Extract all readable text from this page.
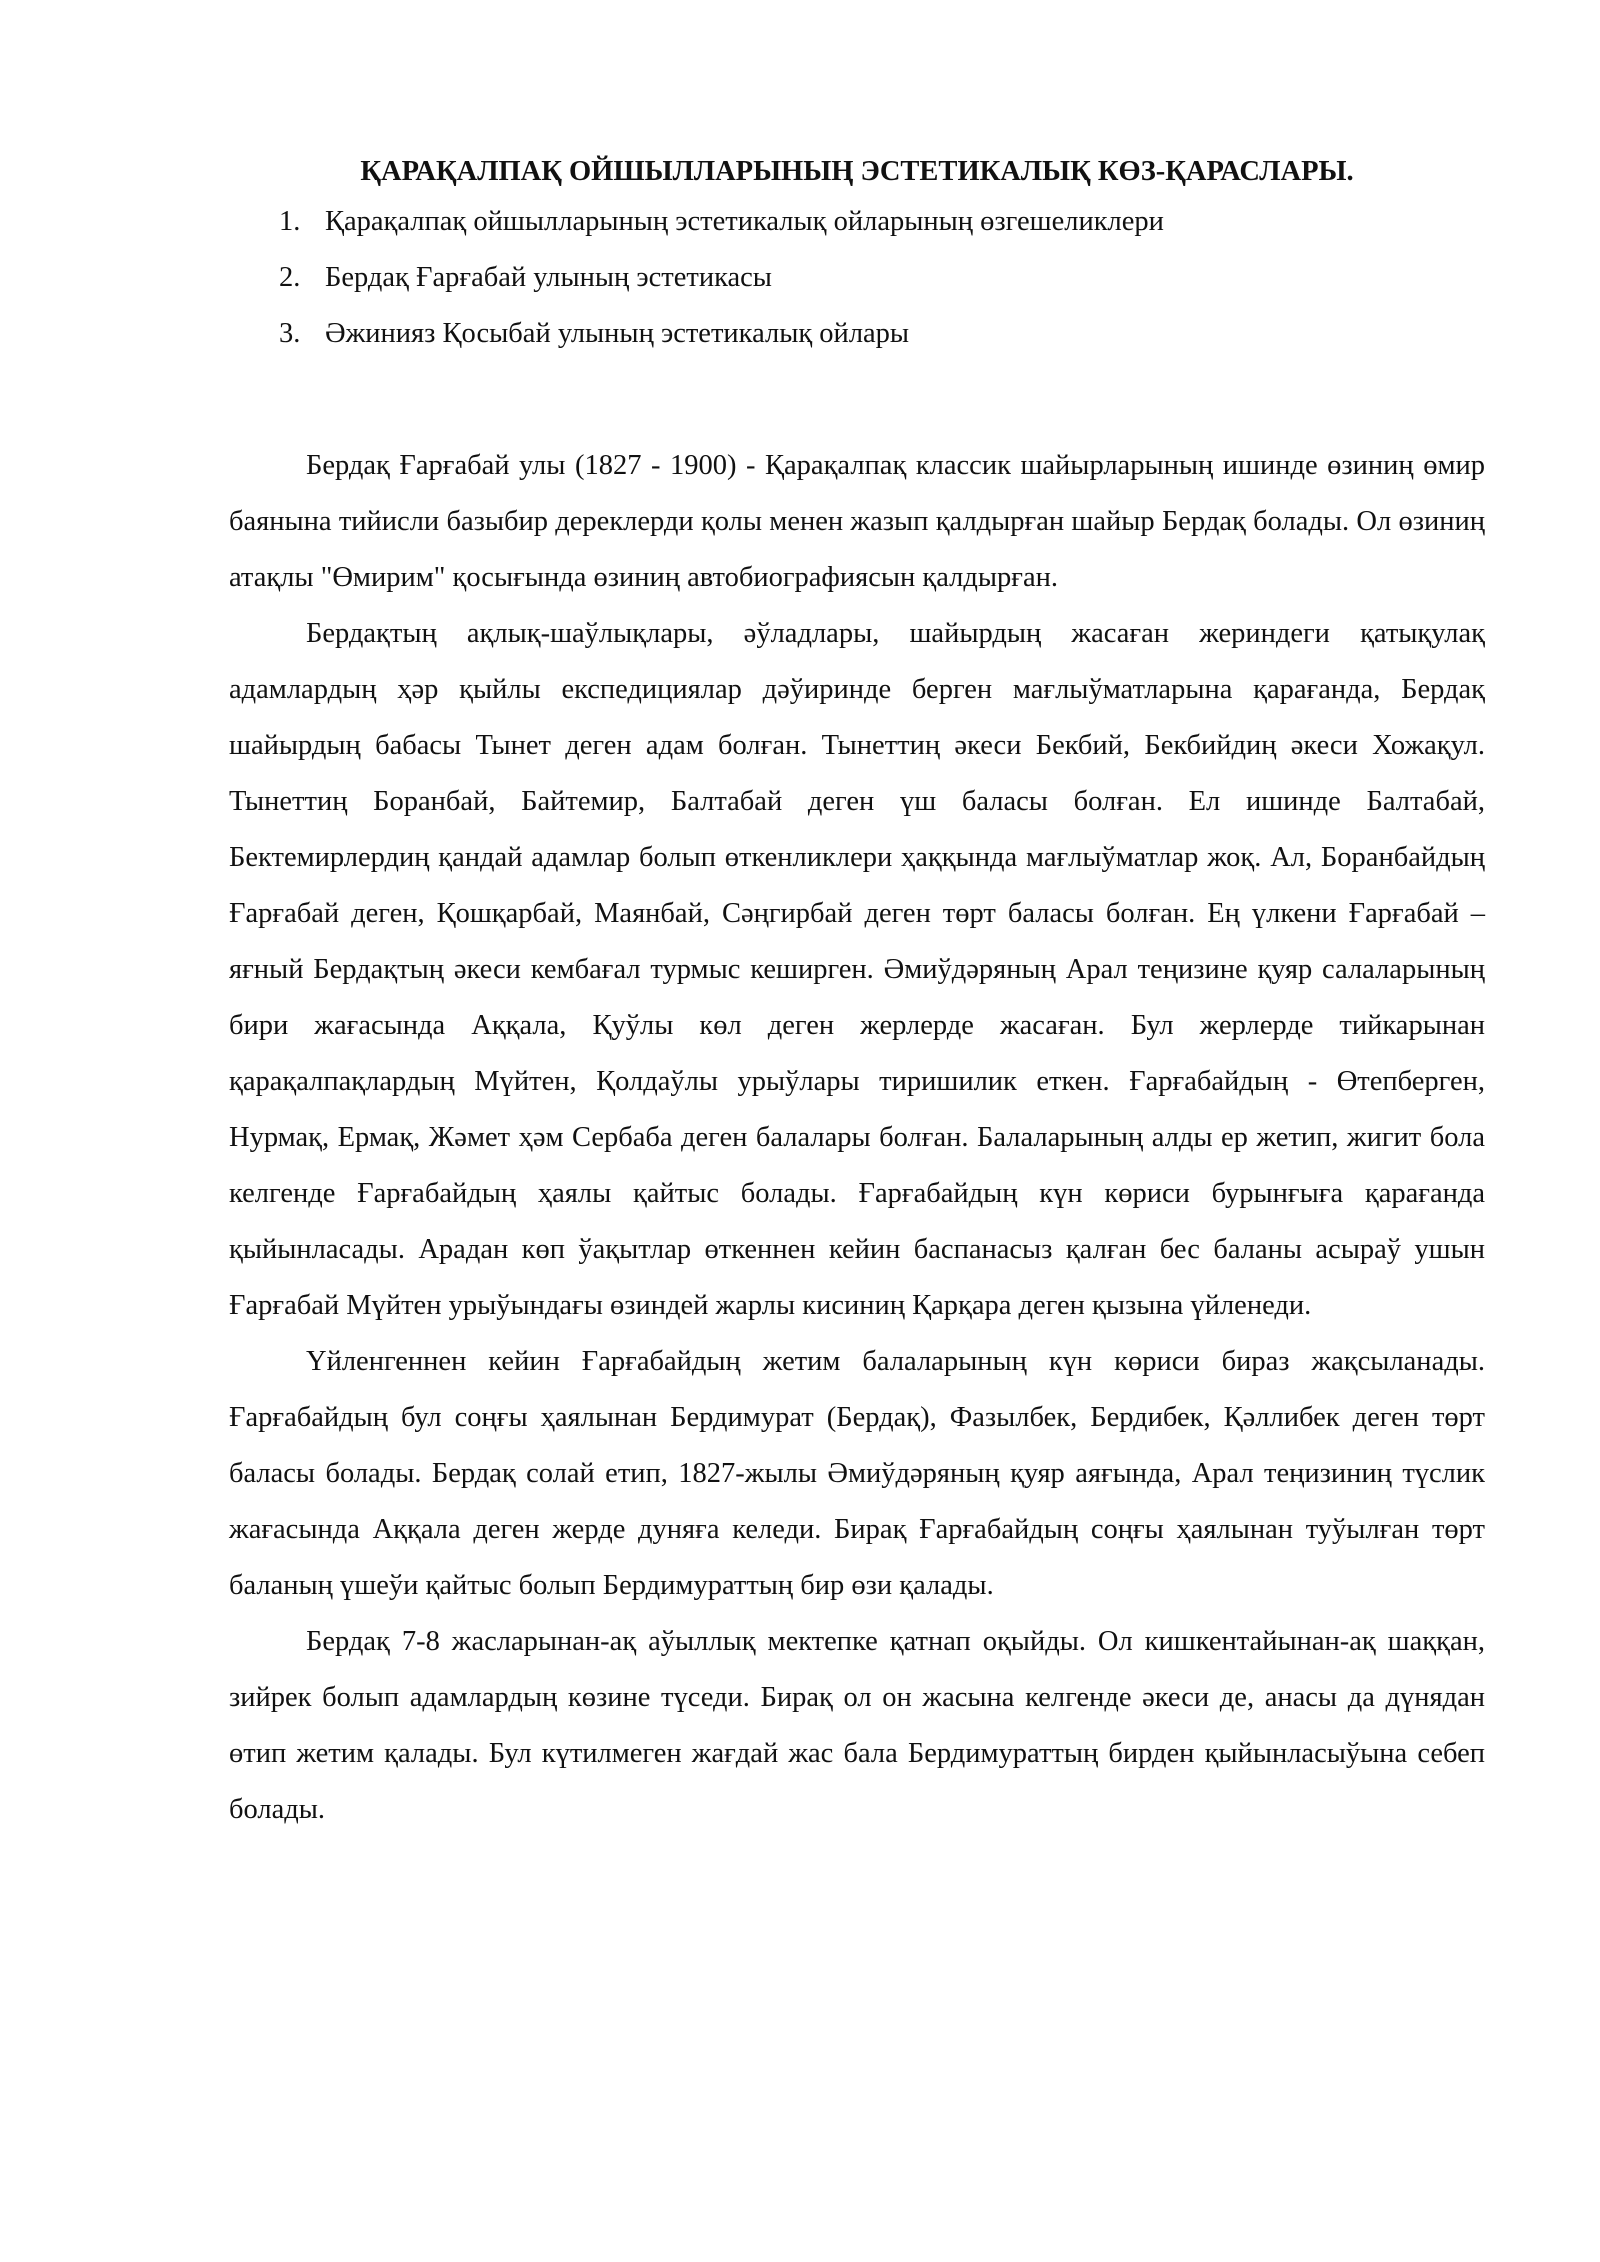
ҚАРАҚАЛПАҚ ОЙШЫЛЛАРЫНЫҢ ЭСТЕТИКАЛЫҚ КӨЗ-ҚАРАСЛАРЫ.
1. Қарақалпақ ойшылларының эстетикалық ойларының өзгешеликлери
2. Бердақ Ғарғабай улының эстетикасы
3. Әжинияз Қосыбай улының эстетикалық ойлары

Бердақ Ғарғабай улы (1827 - 1900) - Қарақалпақ классик шайырларының ишинде өзиниң өмир баянына тийисли базыбир дереклерди қолы менен жазып қалдырған шайыр Бердақ болады. Ол өзиниң атақлы "Өмирим" қосығында өзиниң автобиографиясын қалдырған.

Бердақтың ақлық-шаўлықлары, әўладлары, шайырдың жасаған жериндеги қатықулақ адамлардың ҳәр қыйлы експедициялар дәўиринде берген мағлыўматларына қарағанда, Бердақ шайырдың бабасы Тынет деген адам болған. Тынеттиң әкеси Бекбий, Бекбийдиң әкеси Хожақул. Тынеттиң Боранбай, Байтемир, Балтабай деген үш баласы болған. Ел ишинде Балтабай, Бектемирлердиң қандай адамлар болып өткенликлери ҳаққында мағлыўматлар жоқ. Ал, Боранбайдың Ғарғабай деген, Қошқарбай, Маянбай, Сәңгирбай деген төрт баласы болған. Ең үлкени Ғарғабай – яғный Бердақтың әкеси кембағал турмыс кеширген. Әмиўдәряның Арал теңизине қуяр салаларының бири жағасында Аққала, Қуўлы көл деген жерлерде жасаған. Бул жерлерде тийкарынан қарақалпақлардың Мүйтен, Қолдаўлы урыўлары тиришилик еткен. Ғарғабайдың - Өтепберген, Нурмақ, Ермақ, Жәмет ҳәм Сербаба деген балалары болған. Балаларының алды ер жетип, жигит бола келгенде Ғарғабайдың ҳаялы қайтыс болады. Ғарғабайдың күн көриси бурынғыға қарағанда қыйынласады. Арадан көп ўақытлар өткеннен кейин баспанасыз қалған бес баланы асыраў ушын Ғарғабай Мүйтен урыўындағы өзиндей жарлы кисиниң Қарқара деген қызына үйленеди.

Үйленгеннен кейин Ғарғабайдың жетим балаларының күн көриси бираз жақсыланады. Ғарғабайдың бул соңғы ҳаялынан Бердимурат (Бердақ), Фазылбек, Бердибек, Қәллибек деген төрт баласы болады. Бердақ солай етип, 1827-жылы Әмиўдәряның қуяр аяғында, Арал теңизиниң түслик жағасында Аққала деген жерде дуняға келеди. Бирақ Ғарғабайдың соңғы ҳаялынан туўылған төрт баланың үшеўи қайтыс болып Бердимураттың бир өзи қалады.

Бердақ 7-8 жасларынан-ақ аўыллық мектепке қатнап оқыйды. Ол кишкентайынан-ақ шаққан, зийрек болып адамлардың көзине түседи. Бирақ ол он жасына келгенде әкеси де, анасы да дүнядан өтип жетим қалады. Бул күтилмеген жағдай жас бала Бердимураттың бирден қыйынласыўына себеп болады.
